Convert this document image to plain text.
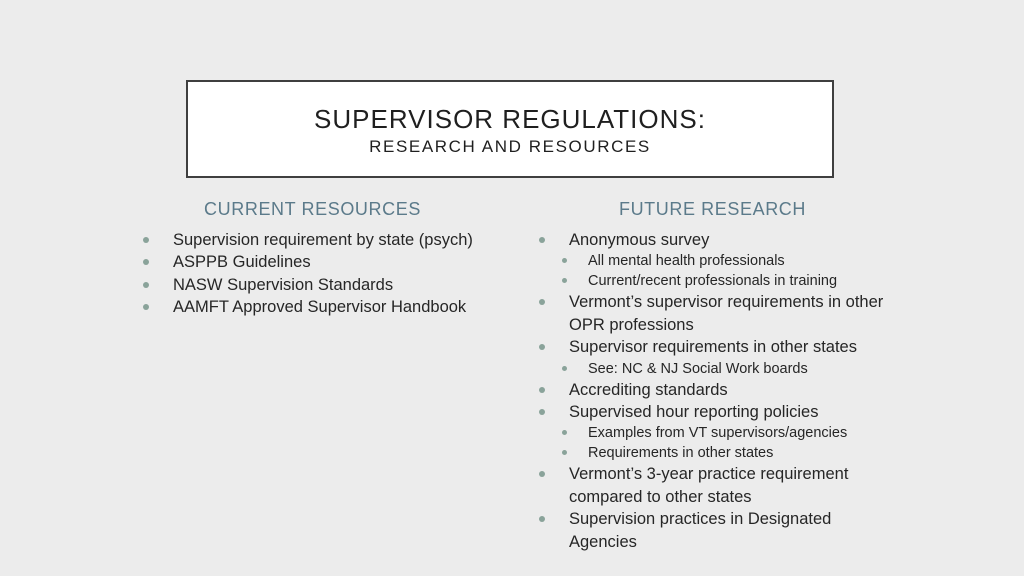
SUPERVISOR REGULATIONS:
RESEARCH AND RESOURCES
CURRENT RESOURCES	FUTURE RESEARCH
Supervision requirement by state (psych)
ASPPB Guidelines
NASW Supervision Standards
AAMFT Approved Supervisor Handbook
Anonymous survey
All mental health professionals
Current/recent professionals in training
Vermont’s supervisor requirements in other OPR professions
Supervisor requirements in other states
See: NC & NJ Social Work boards
Accrediting standards
Supervised hour reporting policies
Examples from VT supervisors/agencies
Requirements in other states
Vermont’s 3-year practice requirement compared to other states
Supervision practices in Designated Agencies
